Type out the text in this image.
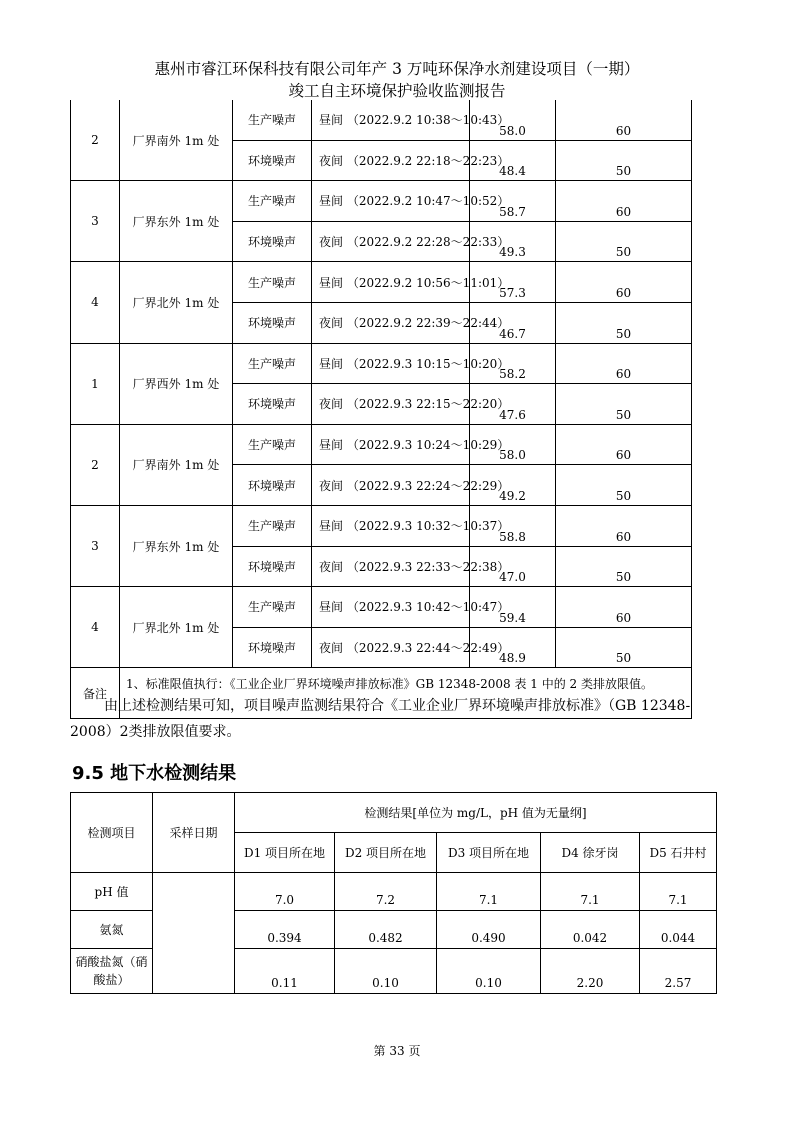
惠州市睿江环保科技有限公司年产 3 万吨环保净水剂建设项目（一期）
竣工自主环境保护验收监测报告
2	厂界南外 1m 处	生产噪声	昼间 （2022.9.2 10:38～10:43）	58.0	60
		环境噪声	夜间 （2022.9.2 22:18～22:23）	48.4	50
3	厂界东外 1m 处	生产噪声	昼间 （2022.9.2 10:47～10:52）	58.7	60
		环境噪声	夜间 （2022.9.2 22:28～22:33）	49.3	50
4	厂界北外 1m 处	生产噪声	昼间 （2022.9.2 10:56～11:01）	57.3	60
		环境噪声	夜间 （2022.9.2 22:39～22:44）	46.7	50
1	厂界西外 1m 处	生产噪声	昼间 （2022.9.3 10:15～10:20）	58.2	60
		环境噪声	夜间 （2022.9.3 22:15～22:20）	47.6	50
2	厂界南外 1m 处	生产噪声	昼间 （2022.9.3 10:24～10:29）	58.0	60
		环境噪声	夜间 （2022.9.3 22:24～22:29）	49.2	50
3	厂界东外 1m 处	生产噪声	昼间 （2022.9.3 10:32～10:37）	58.8	60
		环境噪声	夜间 （2022.9.3 22:33～22:38）	47.0	50
4	厂界北外 1m 处	生产噪声	昼间 （2022.9.3 10:42～10:47）	59.4	60
		环境噪声	夜间 （2022.9.3 22:44～22:49）	48.9	50
备注	1、标准限值执行：《工业企业厂界环境噪声排放标准》GB 12348-2008 表 1 中的 2 类排放限值。				
由上述检测结果可知，项目噪声监测结果符合《工业企业厂界环境噪声排放标准》（GB 12348-2008）2类排放限值要求。
9.5 地下水检测结果
检测项目	采样日期	检测结果[单位为 mg/L，pH 值为无量纲]				
		D1 项目所在地	D2 项目所在地	D3 项目所在地	D4 徐牙岗	D5 石井村
pH 值		7.0	7.2	7.1	7.1	7.1
氨氮		0.394	0.482	0.490	0.042	0.044
硝酸盐氮（硝酸盐）		0.11	0.10	0.10	2.20	2.57
第 33 页
